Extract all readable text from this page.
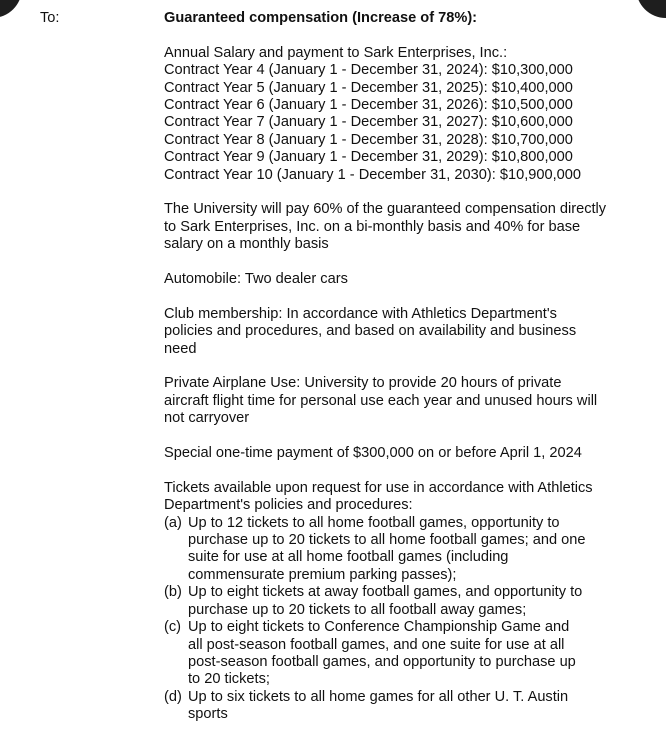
To:	Guaranteed compensation (Increase of 78%):

Annual Salary and payment to Sark Enterprises, Inc.:
Contract Year 4 (January 1 - December 31, 2024): $10,300,000
Contract Year 5 (January 1 - December 31, 2025): $10,400,000
Contract Year 6 (January 1 - December 31, 2026): $10,500,000
Contract Year 7 (January 1 - December 31, 2027): $10,600,000
Contract Year 8 (January 1 - December 31, 2028): $10,700,000
Contract Year 9 (January 1 - December 31, 2029): $10,800,000
Contract Year 10 (January 1 - December 31, 2030): $10,900,000
The University will pay 60% of the guaranteed compensation directly
to Sark Enterprises, Inc. on a bi-monthly basis and 40% for base
salary on a monthly basis
Automobile: Two dealer cars
Club membership: In accordance with Athletics Department's
policies and procedures, and based on availability and business
need
Private Airplane Use: University to provide 20 hours of private
aircraft flight time for personal use each year and unused hours will
not carryover
Special one-time payment of $300,000 on or before April 1, 2024
Tickets available upon request for use in accordance with Athletics
Department's policies and procedures:
(a) Up to 12 tickets to all home football games, opportunity to
purchase up to 20 tickets to all home football games; and one
suite for use at all home football games (including
commensurate premium parking passes);
(b) Up to eight tickets at away football games, and opportunity to
purchase up to 20 tickets to all football away games;
(c) Up to eight tickets to Conference Championship Game and
all post-season football games, and one suite for use at all
post-season football games, and opportunity to purchase up
to 20 tickets;
(d) Up to six tickets to all home games for all other U. T. Austin
sports
